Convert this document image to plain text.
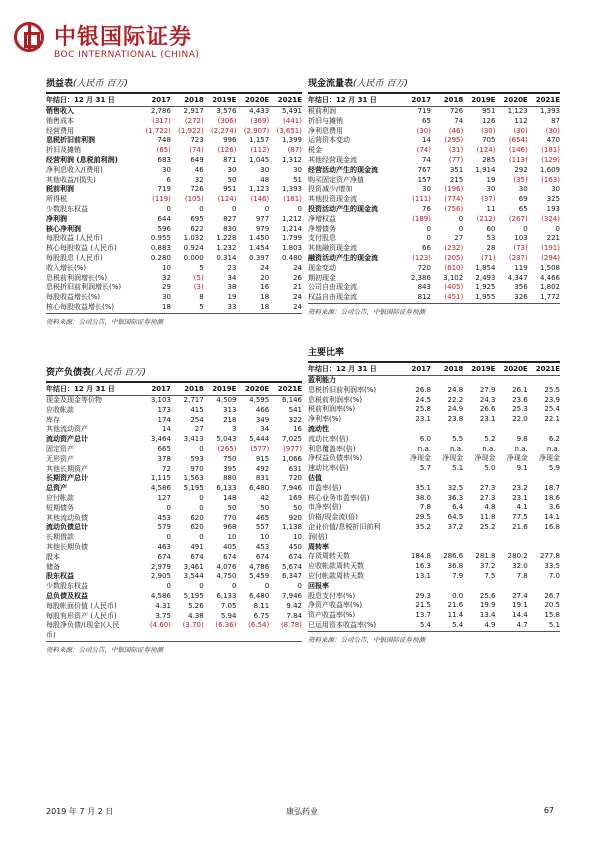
中银国际证券
BOC INTERNATIONAL (CHINA)
损益表(人民币 百万)
年结日：12 月 31 日	2017	2018	2019E	2020E	2021E
销售收入	2,786	2,917	3,576	4,433	5,491
销售成本	(317)	(272)	(306)	(369)	(441)
经营费用	(1,722)	(1,922)	(2,274)	(2,907)	(3,651)
息税折旧前利润	748	723	996	1,157	1,399
折旧及摊销	(65)	(74)	(126)	(112)	(87)
经营利润 (息税前利润)	683	649	871	1,045	1,312
净利息收入/(费用)	30	46	30	30	30
其他收益/(损失)	6	32	50	48	51
税前利润	719	726	951	1,123	1,393
所得税	(119)	(105)	(124)	(146)	(181)
少数股东权益	0	0	0	0	0
净利润	644	695	827	977	1,212
核心净利润	596	622	830	979	1,214
每股收益 (人民币)	0.955	1.032	1.228	1.450	1.799
核心每股收益 (人民币)	0.883	0.924	1.232	1.454	1.803
每股股息 (人民币)	0.280	0.000	0.314	0.397	0.480
收入增长(%)	10	5	23	24	24
息税前利润增长(%)	32	(5)	34	20	26
息税折旧前利润增长(%)	29	(3)	38	16	21
每股收益增长(%)	30	8	19	18	24
核心每股收益增长(%)	18	5	33	18	24
资料来源：公司公告，中银国际证券预测
资产负债表(人民币 百万)
年结日：12 月 31 日	2017	2018	2019E	2020E	2021E
现金及现金等价物	3,103	2,717	4,509	4,595	6,146
应收帐款	173	415	313	466	541
库存	174	254	218	349	322
其他流动资产	14	27	3	34	16
流动资产总计	3,464	3,413	5,043	5,444	7,025
固定资产	665	0	(265)	(577)	(977)
无形资产	378	593	750	915	1,066
其他长期资产	72	970	395	492	631
长期资产总计	1,115	1,563	880	831	720
总资产	4,586	5,195	6,133	6,480	7,946
应付帐款	127	0	148	42	169
短期债务	0	0	50	50	50
其他流动负债	453	620	770	465	920
流动负债总计	579	620	968	557	1,138
长期借款	0	0	10	10	10
其他长期负债	463	491	405	453	450
股本	674	674	674	674	674
储备	2,979	3,461	4,076	4,786	5,674
股东权益	2,905	3,544	4,750	5,459	6,347
少数股东权益	0	0	0	0	0
总负债及权益	4,586	5,195	6,133	6,480	7,946
每股帐面价值 (人民币)	4.31	5.26	7.05	8.11	9.42
每股有形资产 (人民币)	3.75	4.38	5.94	6.75	7.84
每股净负债/(现金)(人民	(4.60)	(3.70)	(6.36)	(6.54)	(8.78)
币)					
资料来源：公司公告，中银国际证券预测
现金流量表(人民币 百万)
年结日：12 月 31 日	2017	2018	2019E	2020E	2021E
税前利润	719	726	951	1,123	1,393
折旧与摊销	65	74	126	112	87
净利息费用	(30)	(46)	(30)	(30)	(30)
运营资本变动	14	(295)	705	(654)	470
税金	(74)	(31)	(124)	(146)	(181)
其他经营现金流	74	(77)	285	(113)	(129)
经营活动产生的现金流	767	351	1,914	292	1,609
购买固定资产净值	157	215	19	(35)	(163)
投资减少/增加	30	(196)	30	30	30
其他投资现金流	(111)	(774)	(37)	69	325
投资活动产生的现金流	76	(756)	11	65	193
净增权益	(189)	0	(212)	(267)	(324)
净增债务	0	0	60	0	0
支付股息	0	27	53	103	221
其他融资现金流	66	(232)	28	(73)	(191)
融资活动产生的现金流	(123)	(205)	(71)	(237)	(294)
现金变动	720	(610)	1,854	119	1,508
期初现金	2,386	3,102	2,493	4,347	4,466
公司自由现金流	843	(405)	1,925	356	1,802
权益自由现金流	812	(451)	1,955	326	1,772
资料来源：公司公告，中银国际证券预测
主要比率
年结日：12 月 31 日	2017	2018	2019E	2020E	2021E
盈利能力					
息税折旧前利润率(%)	26.8	24.8	27.9	26.1	25.5
息税前利润率(%)	24.5	22.2	24.3	23.6	23.9
税前利润率(%)	25.8	24.9	26.6	25.3	25.4
净利率(%)	23.1	23.8	23.1	22.0	22.1
流动性					
流动比率(倍)	6.0	5.5	5.2	9.8	6.2
利息覆盖率(倍)	n.a.	n.a.	n.a.	n.a.	n.a.
净权益负债率(%)	净现金	净现金	净现金	净现金	净现金
速动比率(倍)	5.7	5.1	5.0	9.1	5.9
估值					
市盈率(倍)	35.1	32.5	27.3	23.2	18.7
核心业务市盈率(倍)	38.0	36.3	27.3	23.1	18.6
市净率(倍)	7.8	6.4	4.8	4.1	3.6
价格/现金流(倍)	29.5	64.5	11.8	77.5	14.1
企业价值/息税折旧前利	35.2	37.2	25.2	21.6	16.8
润(倍)					
周转率					
存货周转天数	184.8	286.6	281.8	280.2	277.8
应收帐款周转天数	16.3	36.8	37.2	32.0	33.5
应付帐款周转天数	13.1	7.9	7.5	7.8	7.0
回报率					
股息支付率(%)	29.3	0.0	25.6	27.4	26.7
净资产收益率(%)	21.5	21.6	19.9	19.1	20.5
资产收益率(%)	13.7	11.4	13.4	14.4	15.8
已运用资本收益率(%)	5.4	5.4	4.9	4.7	5.1
资料来源：公司公告，中银国际证券预测
2019 年 7 月 2 日	康弘药业	67
